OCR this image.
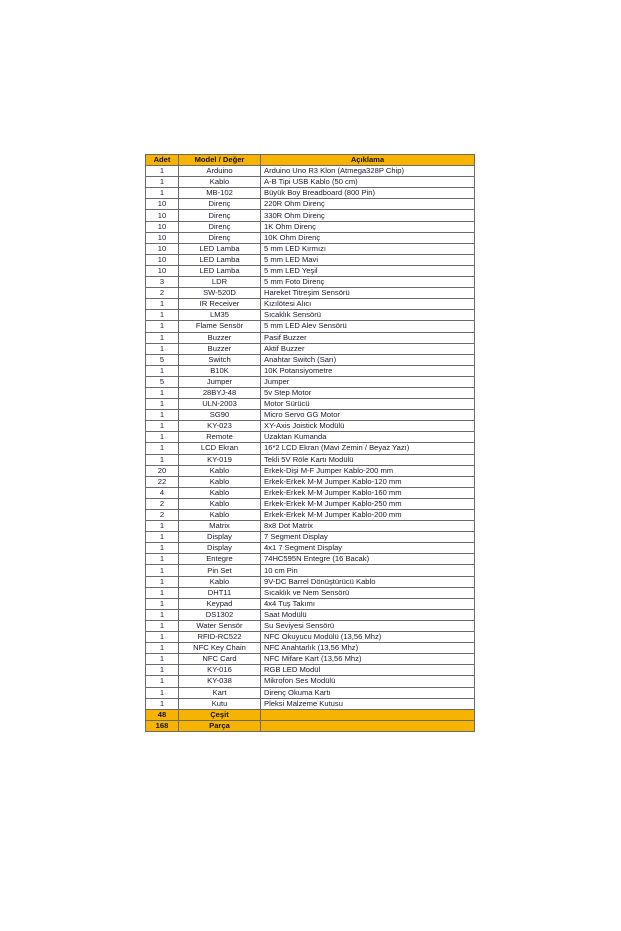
Adet	Model / Değer	Açıklama
1	Arduino	Arduino Uno R3 Klon (Atmega328P Chip)
1	Kablo	A-B Tipi USB Kablo (50 cm)
1	MB-102	Büyük Boy Breadboard (800 Pin)
10	Direnç	220R Ohm Direnç
10	Direnç	330R Ohm Direnç
10	Direnç	1K Ohm Direnç
10	Direnç	10K Ohm Direnç
10	LED Lamba	5 mm LED Kırmızı
10	LED Lamba	5 mm LED Mavi
10	LED Lamba	5 mm LED Yeşil
3	LDR	5 mm Foto Direnç
2	SW-520D	Hareket Titreşim Sensörü
1	IR Receiver	Kızılötesi Alıcı
1	LM35	Sıcaklık Sensörü
1	Flame Sensör	5 mm LED Alev Sensörü
1	Buzzer	Pasif Buzzer
1	Buzzer	Aktif Buzzer
5	Switch	Anahtar Switch (Sarı)
1	B10K	10K Potansiyometre
5	Jumper	Jumper
1	28BYJ-48	5v Step Motor
1	ULN-2003	Motor Sürücü
1	SG90	Micro Servo GG Motor
1	KY-023	XY-Axis Joistick Modülü
1	Remote	Uzaktan Kumanda
1	LCD Ekran	16*2 LCD Ekran (Mavi Zemin / Beyaz Yazı)
1	KY-019	Tekli 5V Röle Kartı Modülü
20	Kablo	Erkek-Dişi M-F Jumper Kablo-200 mm
22	Kablo	Erkek-Erkek M-M Jumper Kablo-120 mm
4	Kablo	Erkek-Erkek M-M Jumper Kablo-160 mm
2	Kablo	Erkek-Erkek M-M Jumper Kablo-250 mm
2	Kablo	Erkek-Erkek M-M Jumper Kablo-200 mm
1	Matrix	8x8 Dot Matrix
1	Display	7 Segment Display
1	Display	4x1 7 Segment Display
1	Entegre	74HC595N Entegre (16 Bacak)
1	Pin Set	10 cm Pin
1	Kablo	9V-DC Barrel Dönüştürücü Kablo
1	DHT11	Sıcaklık ve Nem Sensörü
1	Keypad	4x4 Tuş Takımı
1	DS1302	Saat Modülü
1	Water Sensör	Su Seviyesi Sensörü
1	RFID-RC522	NFC Okuyucu Modülü (13,56 Mhz)
1	NFC Key Chain	NFC Anahtarlık (13,56 Mhz)
1	NFC Card	NFC Mifare Kart (13,56 Mhz)
1	KY-016	RGB LED Modül
1	KY-038	Mikrofon Ses Modülü
1	Kart	Direnç Okuma Kartı
1	Kutu	Pleksi Malzeme Kutusu
48	Çeşit	
168	Parça	
